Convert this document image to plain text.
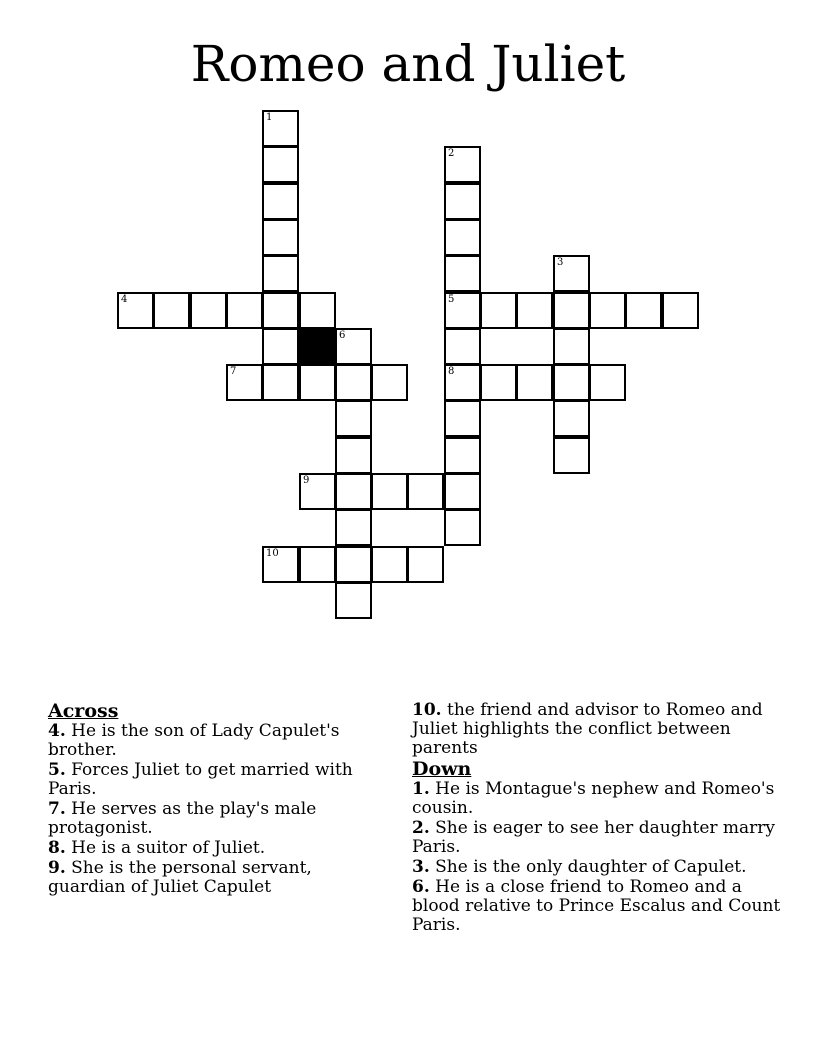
Romeo and Juliet
1
2
3
4	5
6
7	8
9
10
Across
4. He is the son of Lady Capulet's brother.
5. Forces Juliet to get married with Paris.
7. He serves as the play's male protagonist.
8. He is a suitor of Juliet.
9. She is the personal servant, guardian of Juliet Capulet
10. the friend and advisor to Romeo and Juliet highlights the conflict between parents
Down
1. He is Montague's nephew and Romeo's cousin.
2. She is eager to see her daughter marry Paris.
3. She is the only daughter of Capulet.
6. He is a close friend to Romeo and a blood relative to Prince Escalus and Count Paris.
